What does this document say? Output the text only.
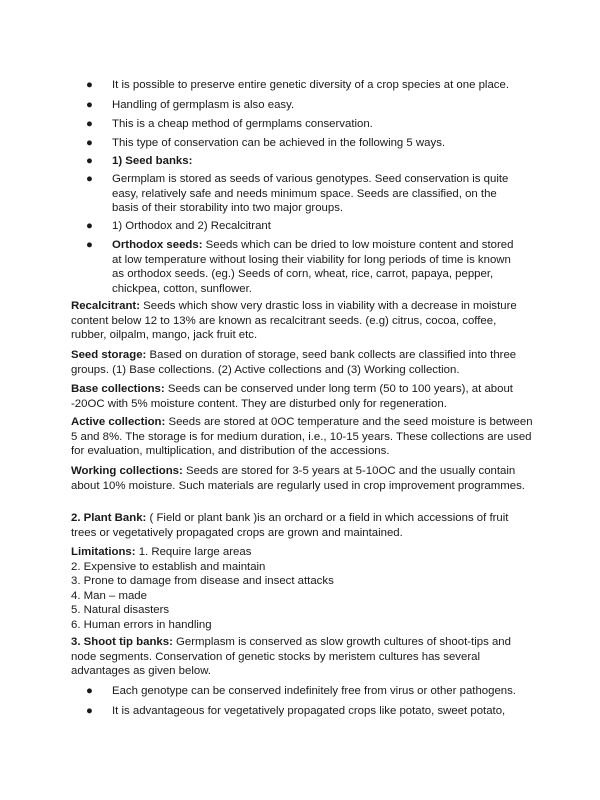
● It is possible to preserve entire genetic diversity of a crop species at one place.
● Handling of germplasm is also easy.
● This is a cheap method of germplams conservation.
● This type of conservation can be achieved in the following 5 ways.
● 1) Seed banks:
● Germplam is stored as seeds of various genotypes. Seed conservation is quite easy, relatively safe and needs minimum space. Seeds are classified, on the basis of their storability into two major groups.
● 1) Orthodox and 2) Recalcitrant
● Orthodox seeds: Seeds which can be dried to low moisture content and stored at low temperature without losing their viability for long periods of time is known as orthodox seeds. (eg.) Seeds of corn, wheat, rice, carrot, papaya, pepper, chickpea, cotton, sunflower.

Recalcitrant: Seeds which show very drastic loss in viability with a decrease in moisture content below 12 to 13% are known as recalcitrant seeds. (e.g) citrus, cocoa, coffee, rubber, oilpalm, mango, jack fruit etc.

Seed storage: Based on duration of storage, seed bank collects are classified into three groups. (1) Base collections. (2) Active collections and (3) Working collection.

Base collections: Seeds can be conserved under long term (50 to 100 years), at about -20OC with 5% moisture content. They are disturbed only for regeneration.

Active collection: Seeds are stored at 0OC temperature and the seed moisture is between 5 and 8%. The storage is for medium duration, i.e., 10-15 years. These collections are used for evaluation, multiplication, and distribution of the accessions.

Working collections: Seeds are stored for 3-5 years at 5-10OC and the usually contain about 10% moisture. Such materials are regularly used in crop improvement programmes.

2. Plant Bank: ( Field or plant bank )is an orchard or a field in which accessions of fruit trees or vegetatively propagated crops are grown and maintained.

Limitations: 1. Require large areas
2. Expensive to establish and maintain
3. Prone to damage from disease and insect attacks
4. Man – made
5. Natural disasters
6. Human errors in handling

3. Shoot tip banks: Germplasm is conserved as slow growth cultures of shoot-tips and node segments. Conservation of genetic stocks by meristem cultures has several advantages as given below.

● Each genotype can be conserved indefinitely free from virus or other pathogens.
● It is advantageous for vegetatively propagated crops like potato, sweet potato,
